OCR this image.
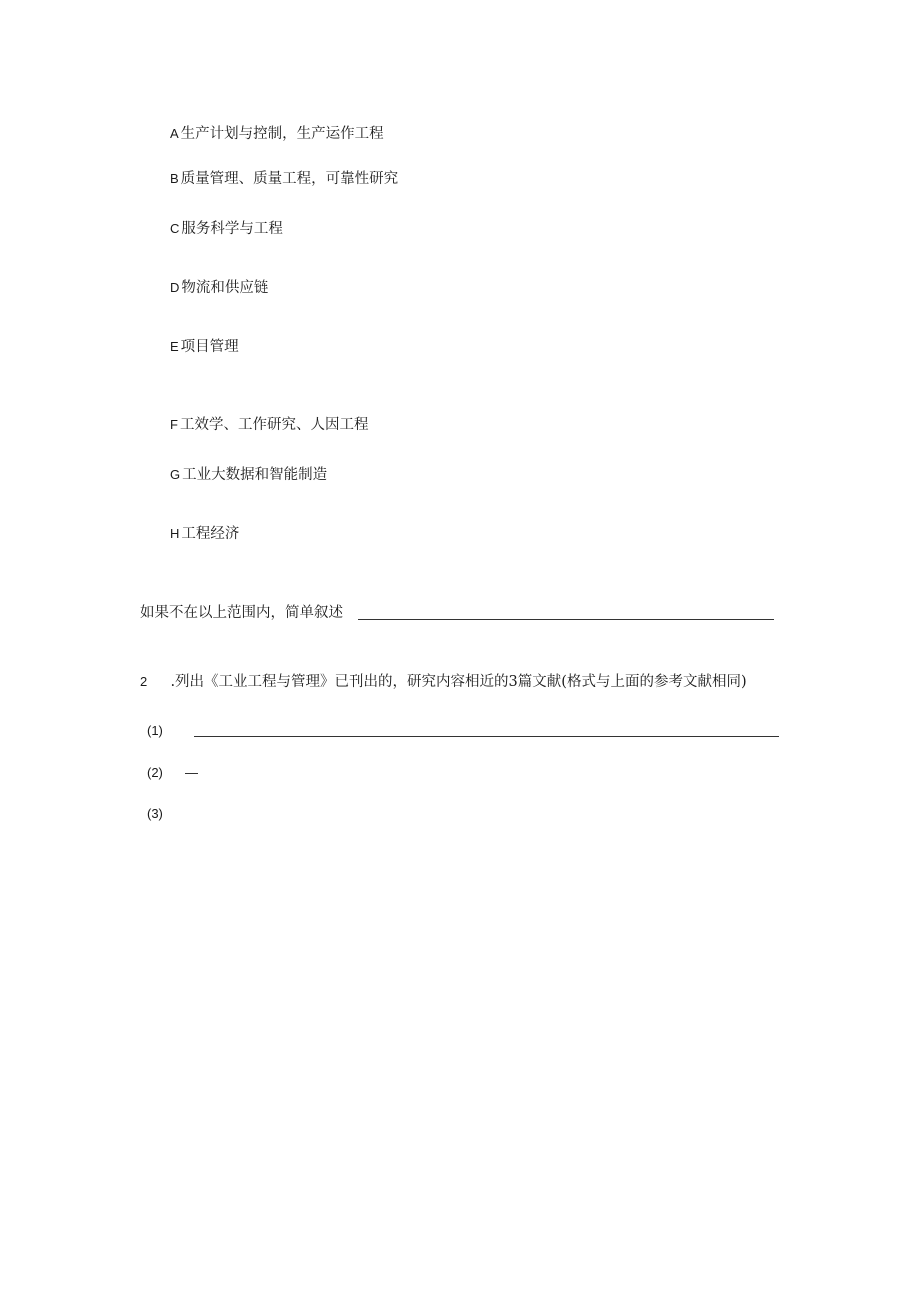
A 生产计划与控制，生产运作工程
B 质量管理、质量工程，可靠性研究
C 服务科学与工程
D 物流和供应链
E 项目管理
F 工效学、工作研究、人因工程
G 工业大数据和智能制造
H 工程经济
如果不在以上范围内，简单叙述
2 .列出《工业工程与管理》已刊出的，研究内容相近的3篇文献(格式与上面的参考文献相同)
(1)
(2)
(3)
